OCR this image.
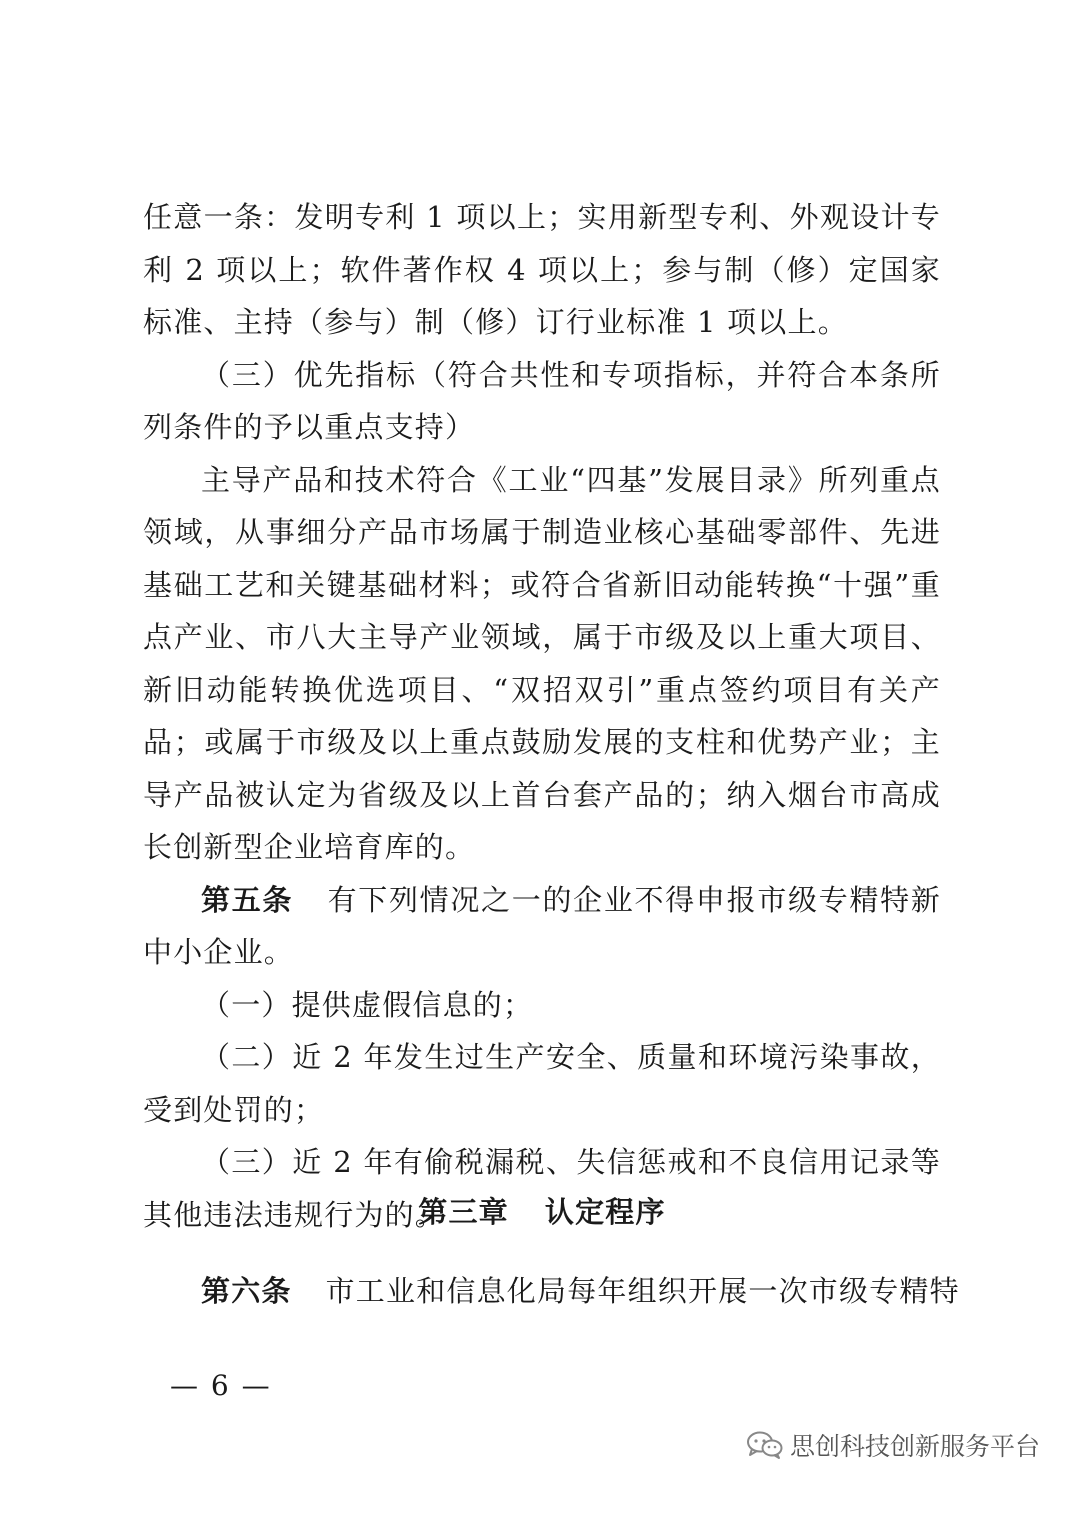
任意一条：发明专利 1 项以上；实用新型专利、外观设计专利 2 项以上；软件著作权 4 项以上；参与制（修）定国家标准、主持（参与）制（修）订行业标准 1 项以上。

（三）优先指标（符合共性和专项指标，并符合本条所列条件的予以重点支持）

主导产品和技术符合《工业“四基”发展目录》所列重点领域，从事细分产品市场属于制造业核心基础零部件、先进基础工艺和关键基础材料；或符合省新旧动能转换“十强”重点产业、市八大主导产业领域，属于市级及以上重大项目、新旧动能转换优选项目、“双招双引”重点签约项目有关产品；或属于市级及以上重点鼓励发展的支柱和优势产业；主导产品被认定为省级及以上首台套产品的；纳入烟台市高成长创新型企业培育库的。

第五条 有下列情况之一的企业不得申报市级专精特新中小企业。

（一）提供虚假信息的；

（二）近 2 年发生过生产安全、质量和环境污染事故，受到处罚的；

（三）近 2 年有偷税漏税、失信惩戒和不良信用记录等其他违法违规行为的。

第三章 认定程序
第六条 市工业和信息化局每年组织开展一次市级专精特
— 6 —
思创科技创新服务平台
